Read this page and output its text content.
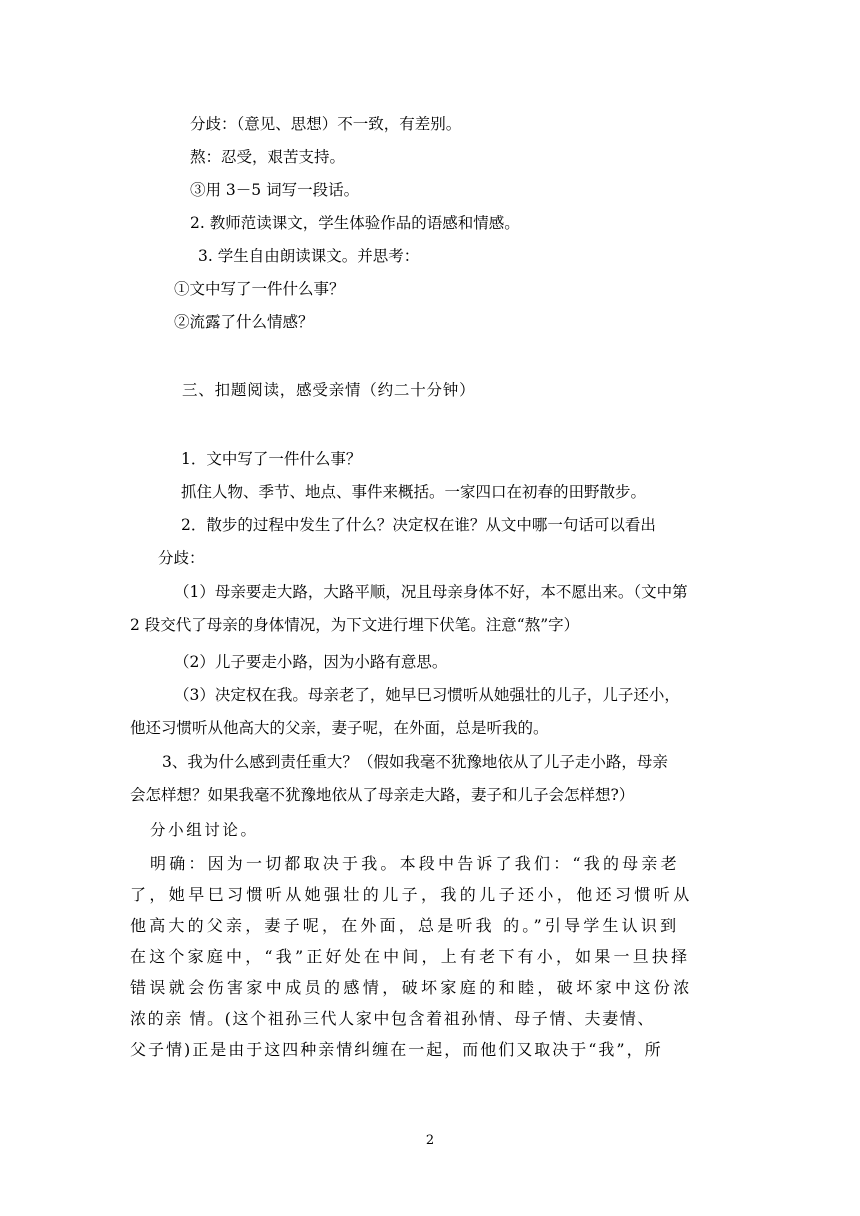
分歧：（意见、思想）不一致，有差别。

熬：忍受，艰苦支持。

③用 3－5 词写一段话。

2. 教师范读课文，学生体验作品的语感和情感。

3. 学生自由朗读课文。并思考：

①文中写了一件什么事？

②流露了什么情感？

三、扣题阅读，感受亲情（约二十分钟）

1．文中写了一件什么事？

抓住人物、季节、地点、事件来概括。一家四口在初春的田野散步。

2．散步的过程中发生了什么？决定权在谁？从文中哪一句话可以看出

分歧：

（1）母亲要走大路，大路平顺，况且母亲身体不好，本不愿出来。（文中第

2 段交代了母亲的身体情况，为下文进行埋下伏笔。注意“熬”字）

（2）儿子要走小路，因为小路有意思。

（3）决定权在我。母亲老了，她早巳习惯听从她强壮的儿子，儿子还小，

他还习惯听从他高大的父亲，妻子呢，在外面，总是听我的。

3、我为什么感到责任重大？（假如我毫不犹豫地依从了儿子走小路，母亲

会怎样想？如果我毫不犹豫地依从了母亲走大路，妻子和儿子会怎样想?）

分小组讨论。

明确：因为一切都取决于我。本段中告诉了我们：“我的母亲老
了，她早巳习惯听从她强壮的儿子，我的儿子还小，他还习惯听从
他高大的父亲，妻子呢，在外面，总是听我 的。”引导学生认识到
在这个家庭中，“我”正好处在中间，上有老下有小，如果一旦抉择
错误就会伤害家中成员的感情，破坏家庭的和睦，破坏家中这份浓
浓的亲 情。(这个祖孙三代人家中包含着祖孙情、母子情、夫妻情、
父子情)正是由于这四种亲情纠缠在一起，而他们又取决于“我”，所
2
